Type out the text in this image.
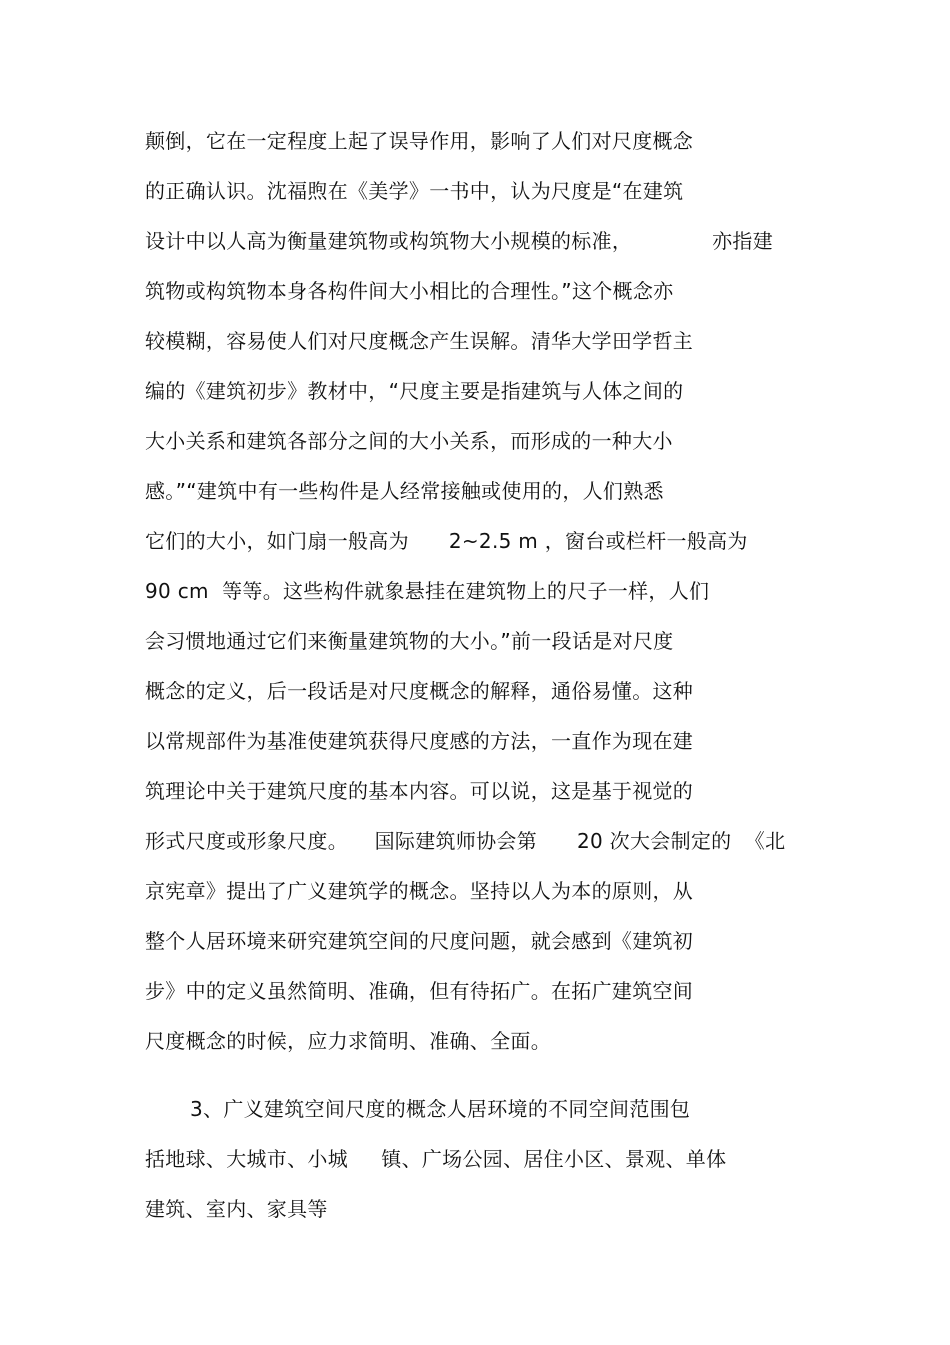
颠倒，它在一定程度上起了误导作用，影响了人们对尺度概念
的正确认识。沈福煦在《美学》一书中，认为尺度是“在建筑
设计中以人高为衡量建筑物或构筑物大小规模的标准，            亦指建
筑物或构筑物本身各构件间大小相比的合理性。”这个概念亦
较模糊，容易使人们对尺度概念产生误解。清华大学田学哲主
编的《建筑初步》教材中，“尺度主要是指建筑与人体之间的
大小关系和建筑各部分之间的大小关系，而形成的一种大小
感。”“建筑中有一些构件是人经常接触或使用的，人们熟悉
它们的大小，如门扇一般高为      2~2.5 m ，窗台或栏杆一般高为
90 cm  等等。这些构件就象悬挂在建筑物上的尺子一样，人们
会习惯地通过它们来衡量建筑物的大小。”前一段话是对尺度
概念的定义，后一段话是对尺度概念的解释，通俗易懂。这种
以常规部件为基准使建筑获得尺度感的方法，一直作为现在建
筑理论中关于建筑尺度的基本内容。可以说，这是基于视觉的
形式尺度或形象尺度。    国际建筑师协会第      20 次大会制定的  《北
京宪章》提出了广义建筑学的概念。坚持以人为本的原则，从
整个人居环境来研究建筑空间的尺度问题，就会感到《建筑初
步》中的定义虽然简明、准确，但有待拓广。在拓广建筑空间
尺度概念的时候，应力求简明、准确、全面。
3、广义建筑空间尺度的概念人居环境的不同空间范围包
括地球、大城市、小城     镇、广场公园、居住小区、景观、单体
建筑、室内、家具等
